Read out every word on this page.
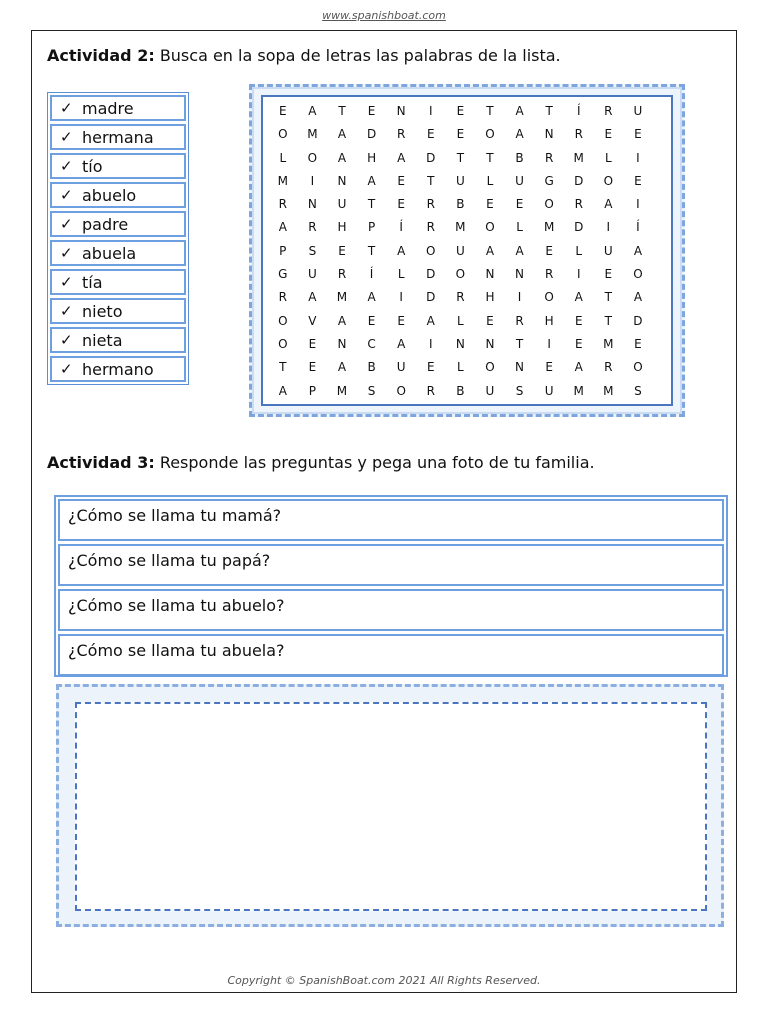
www.spanishboat.com
Actividad 2: Busca en la sopa de letras las palabras de la lista.
✓ madre
✓ hermana
✓ tío
✓ abuelo
✓ padre
✓ abuela
✓ tía
✓ nieto
✓ nieta
✓ hermano
E	A	T	E	N	I	E	T	A	T	Í	R	U
O	M	A	D	R	E	E	O	A	N	R	E	E
L	O	A	H	A	D	T	T	B	R	M	L	I
M	I	N	A	E	T	U	L	U	G	D	O	E
R	N	U	T	E	R	B	E	E	O	R	A	I
A	R	H	P	Í	R	M	O	L	M	D	I	Í
P	S	E	T	A	O	U	A	A	E	L	U	A
G	U	R	Í	L	D	O	N	N	R	I	E	O
R	A	M	A	I	D	R	H	I	O	A	T	A
O	V	A	E	E	A	L	E	R	H	E	T	D
O	E	N	C	A	I	N	N	T	I	E	M	E
T	E	A	B	U	E	L	O	N	E	A	R	O
A	P	M	S	O	R	B	U	S	U	M	M	S
Actividad 3: Responde las preguntas y pega una foto de tu familia.
¿Cómo se llama tu mamá?
¿Cómo se llama tu papá?
¿Cómo se llama tu abuelo?
¿Cómo se llama tu abuela?
Copyright © SpanishBoat.com 2021 All Rights Reserved.
